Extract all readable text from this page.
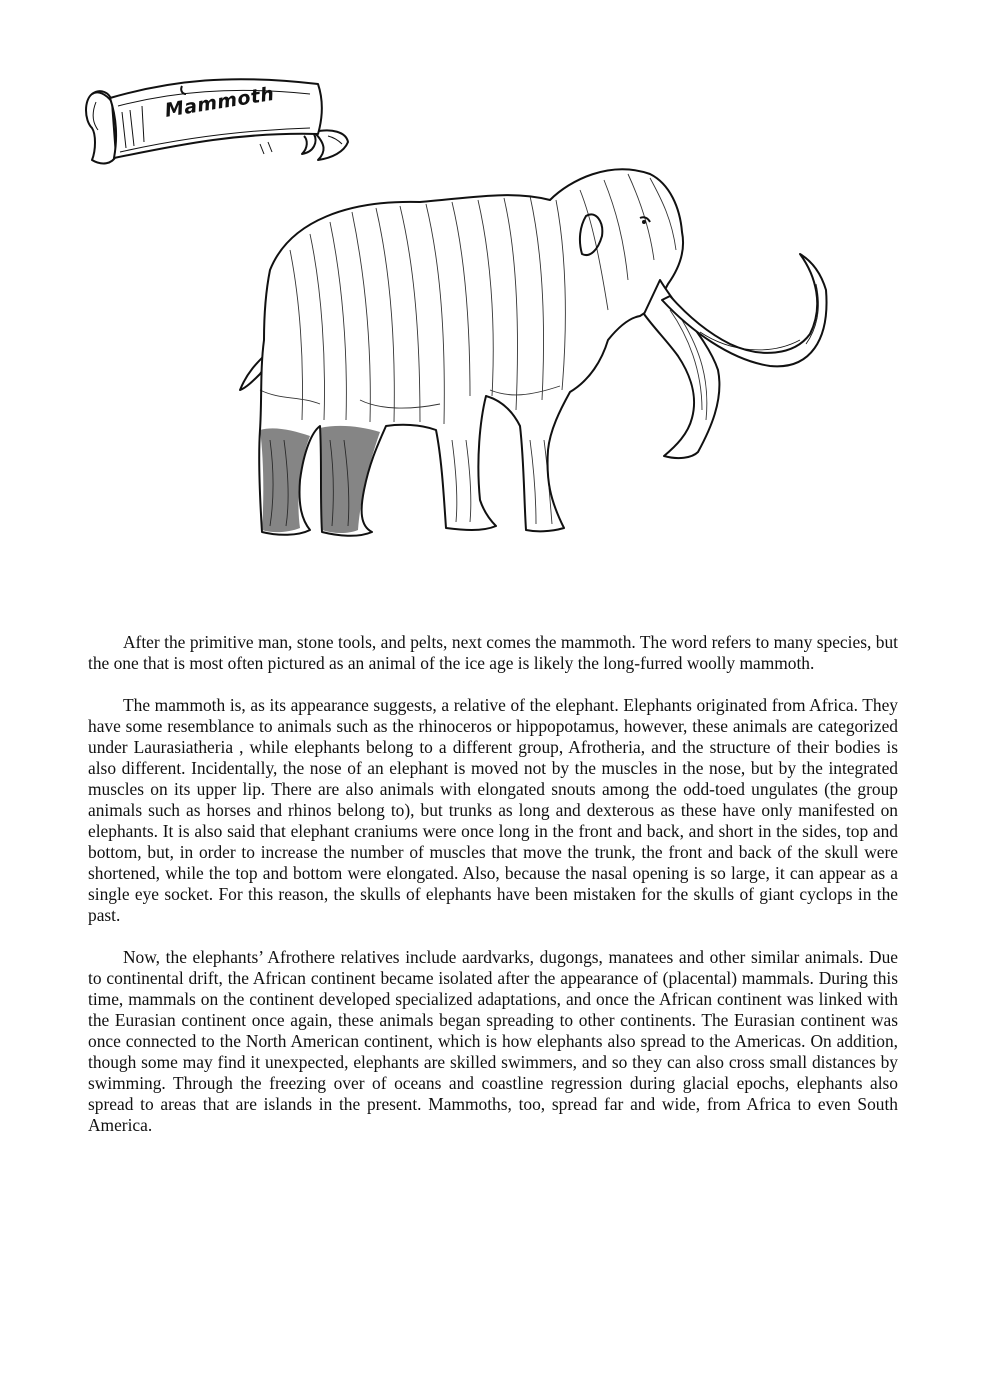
Mammoth

After the primitive man, stone tools, and pelts, next comes the mammoth. The word refers to many species, but the one that is most often pictured as an animal of the ice age is likely the long-furred woolly mammoth.

The mammoth is, as its appearance suggests, a relative of the elephant. Elephants originated from Africa. They have some resemblance to animals such as the rhinoceros or hippopotamus, however, these animals are categorized under Laurasiatheria , while elephants belong to a different group, Afrotheria, and the structure of their bodies is also different. Incidentally, the nose of an elephant is moved not by the muscles in the nose, but by the integrated muscles on its upper lip. There are also animals with elongated snouts among the odd-toed ungulates (the group animals such as horses and rhinos belong to), but trunks as long and dexterous as these have only manifested on elephants. It is also said that elephant craniums were once long in the front and back, and short in the sides, top and bottom, but, in order to increase the number of muscles that move the trunk, the front and back of the skull were shortened, while the top and bottom were elongated. Also, because the nasal opening is so large, it can appear as a single eye socket. For this reason, the skulls of elephants have been mistaken for the skulls of giant cyclops in the past.

Now, the elephants’ Afrothere relatives include aardvarks, dugongs, manatees and other similar animals. Due to continental drift, the African continent became isolated after the appearance of (placental) mammals. During this time, mammals on the continent developed specialized adaptations, and once the African continent was linked with the Eurasian continent once again, these animals began spreading to other continents. The Eurasian continent was once connected to the North American continent, which is how elephants also spread to the Americas. On addition, though some may find it unexpected, elephants are skilled swimmers, and so they can also cross small distances by swimming. Through the freezing over of oceans and coastline regression during glacial epochs, elephants also spread to areas that are islands in the present. Mammoths, too, spread far and wide, from Africa to even South America.
